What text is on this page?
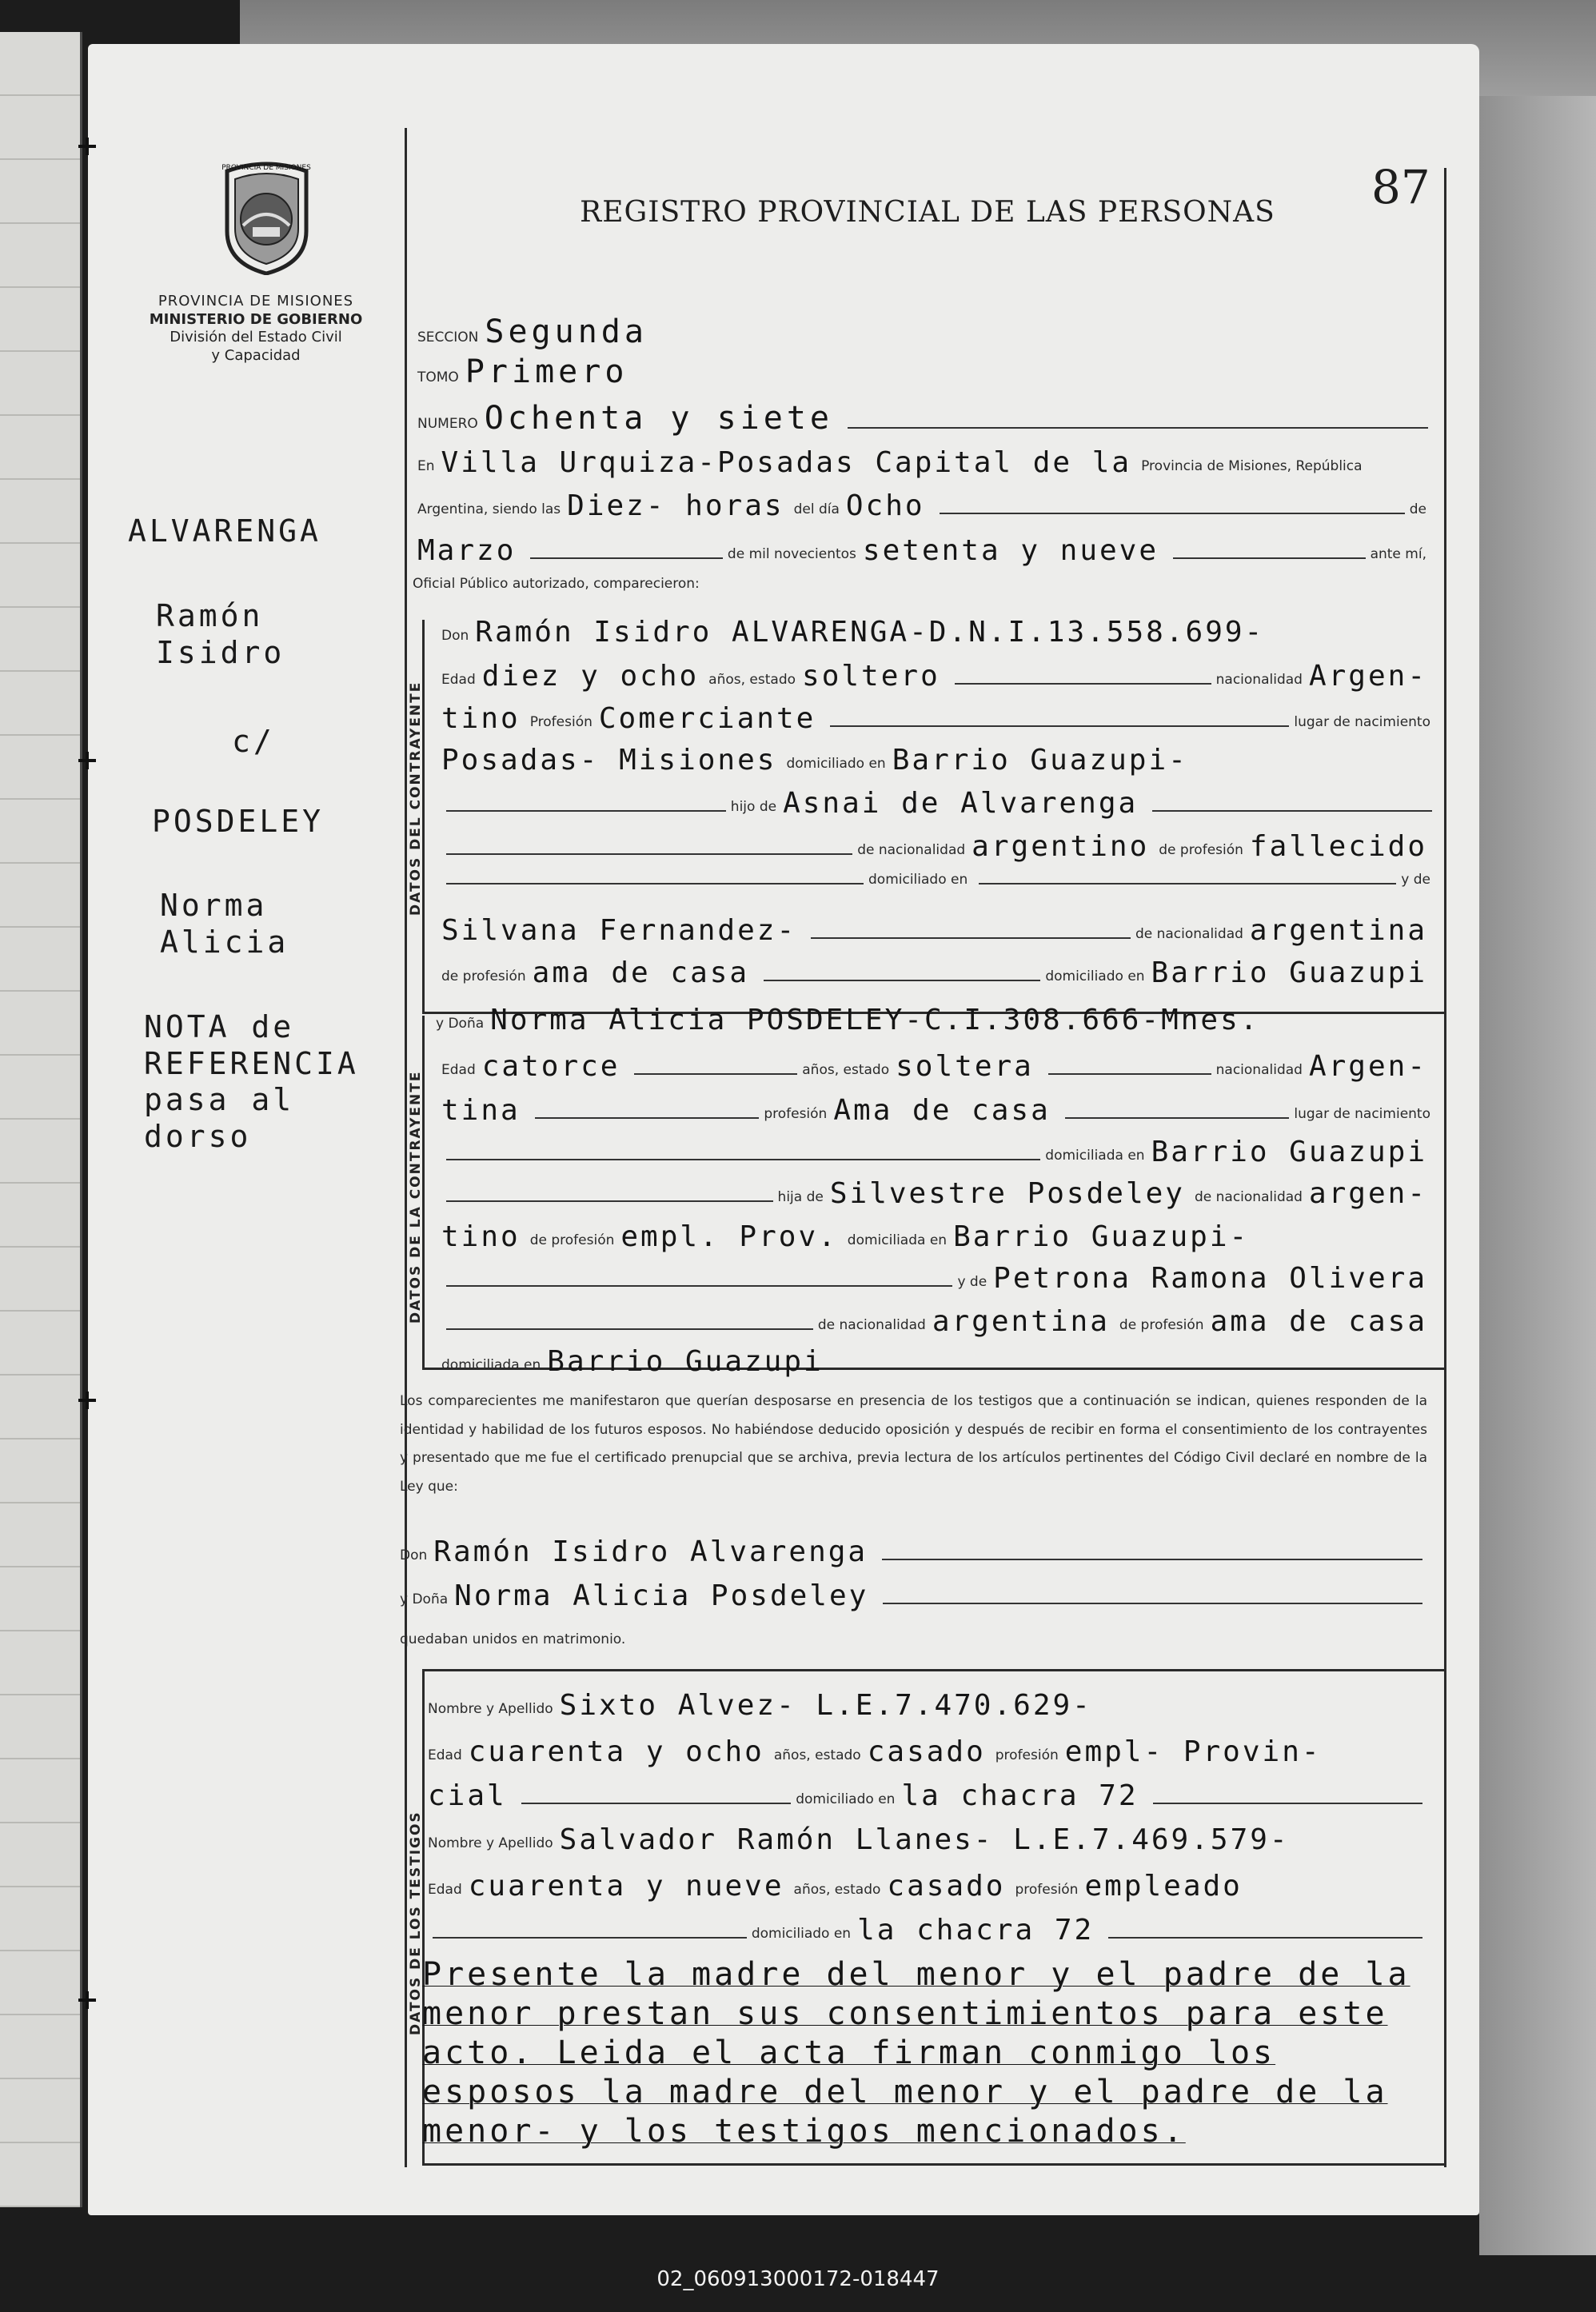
PROVINCIA DE MISIONES
PROVINCIA DE MISIONES
MINISTERIO DE GOBIERNO
División del Estado Civil
y Capacidad
REGISTRO PROVINCIAL DE LAS PERSONAS	87
ALVARENGA
Ramón
Isidro
c/
POSDELEY
Norma
Alicia
NOTA de
REFERENCIA
pasa al
dorso
DATOS DEL CONTRAYENTE
DATOS DE LA CONTRAYENTE
DATOS DE LOS TESTIGOS
SECCION Segunda
TOMO Primero
NUMERO Ochenta y siete
En Villa Urquiza-Posadas Capital de la Provincia de Misiones, República
Argentina, siendo las Diez- horas del día Ocho	de
Marzo	de mil novecientos setenta y nueve	ante mí,
Oficial Público autorizado, comparecieron:
Don Ramón Isidro ALVARENGA-D.N.I.13.558.699-
Edad diez y ocho años, estado soltero	nacionalidad Argen-
tino Profesión Comerciante	lugar de nacimiento
Posadas- Misiones domiciliado en Barrio Guazupi-
hijo de Asnai de Alvarenga
de nacionalidad argentino de profesión fallecido
domiciliado en	y de
Silvana Fernandez-	de nacionalidad argentina
de profesión ama de casa	domiciliado en Barrio Guazupi
y Doña Norma Alicia POSDELEY-C.I.308.666-Mnes.
Edad catorce	años, estado soltera	nacionalidad Argen-
tina	profesión Ama de casa	lugar de nacimiento
domiciliada en Barrio Guazupi
hija de Silvestre Posdeley de nacionalidad argen-
tino de profesión empl. Prov. domiciliada en Barrio Guazupi-
y de Petrona Ramona Olivera
de nacionalidad argentina de profesión ama de casa
domiciliada en Barrio Guazupi
Los comparecientes me manifestaron que querían desposarse en presencia de los testigos que a continuación se indican, quienes responden de la identidad y habilidad de los futuros esposos. No habiéndose deducido oposición y después de recibir en forma el consentimiento de los contrayentes y presentado que me fue el certificado prenupcial que se archiva, previa lectura de los artículos pertinentes del Código Civil declaré en nombre de la Ley que:
Don Ramón Isidro Alvarenga
y Doña Norma Alicia Posdeley
quedaban unidos en matrimonio.
Nombre y Apellido Sixto Alvez- L.E.7.470.629-
Edad cuarenta y ocho años, estado casado profesión empl- Provin-
cial	domiciliado en la chacra 72
Nombre y Apellido Salvador Ramón Llanes- L.E.7.469.579-
Edad cuarenta y nueve años, estado casado profesión empleado
domiciliado en la chacra 72
Presente la madre del menor y el padre de la menor prestan sus consentimientos para este acto. Leida el acta firman conmigo los esposos la madre del menor y el padre de la menor- y los testigos mencionados.
02_060913000172-018447
